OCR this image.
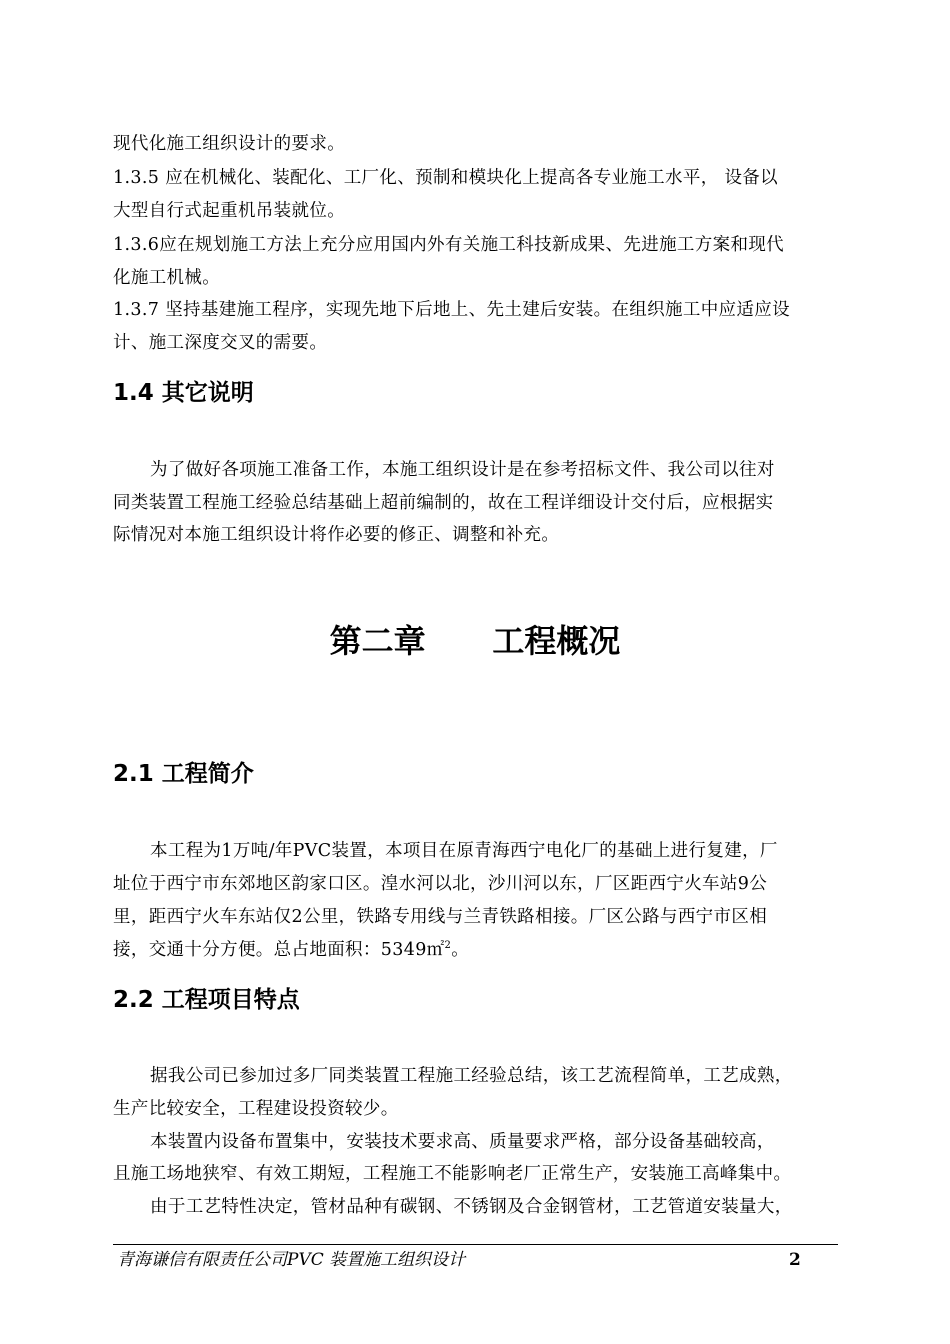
现代化施工组织设计的要求。
1.3.5 应在机械化、装配化、工厂化、预制和模块化上提高各专业施工水平， 设备以
大型自行式起重机吊装就位。
1.3.6应在规划施工方法上充分应用国内外有关施工科技新成果、先进施工方案和现代
化施工机械。
1.3.7 坚持基建施工程序，实现先地下后地上、先土建后安装。在组织施工中应适应设
计、施工深度交叉的需要。
1.4 其它说明
为了做好各项施工准备工作，本施工组织设计是在参考招标文件、我公司以往对
同类装置工程施工经验总结基础上超前编制的，故在工程详细设计交付后，应根据实
际情况对本施工组织设计将作必要的修正、调整和补充。
第二章      工程概况
2.1 工程简介
本工程为1万吨/年PVC装置，本项目在原青海西宁电化厂的基础上进行复建，厂
址位于西宁市东郊地区韵家口区。湟水河以北，沙川河以东，厂区距西宁火车站9公
里，距西宁火车东站仅2公里，铁路专用线与兰青铁路相接。厂区公路与西宁市区相
接，交通十分方便。总占地面积：5349㎡$^2$。
2.2 工程项目特点
据我公司已参加过多厂同类装置工程施工经验总结，该工艺流程简单，工艺成熟，
生产比较安全，工程建设投资较少。
本装置内设备布置集中，安装技术要求高、质量要求严格，部分设备基础较高，
且施工场地狭窄、有效工期短，工程施工不能影响老厂正常生产，安装施工高峰集中。
由于工艺特性决定，管材品种有碳钢、不锈钢及合金钢管材，工艺管道安装量大，
青海谦信有限责任公司PVC 装置施工组织设计	2
